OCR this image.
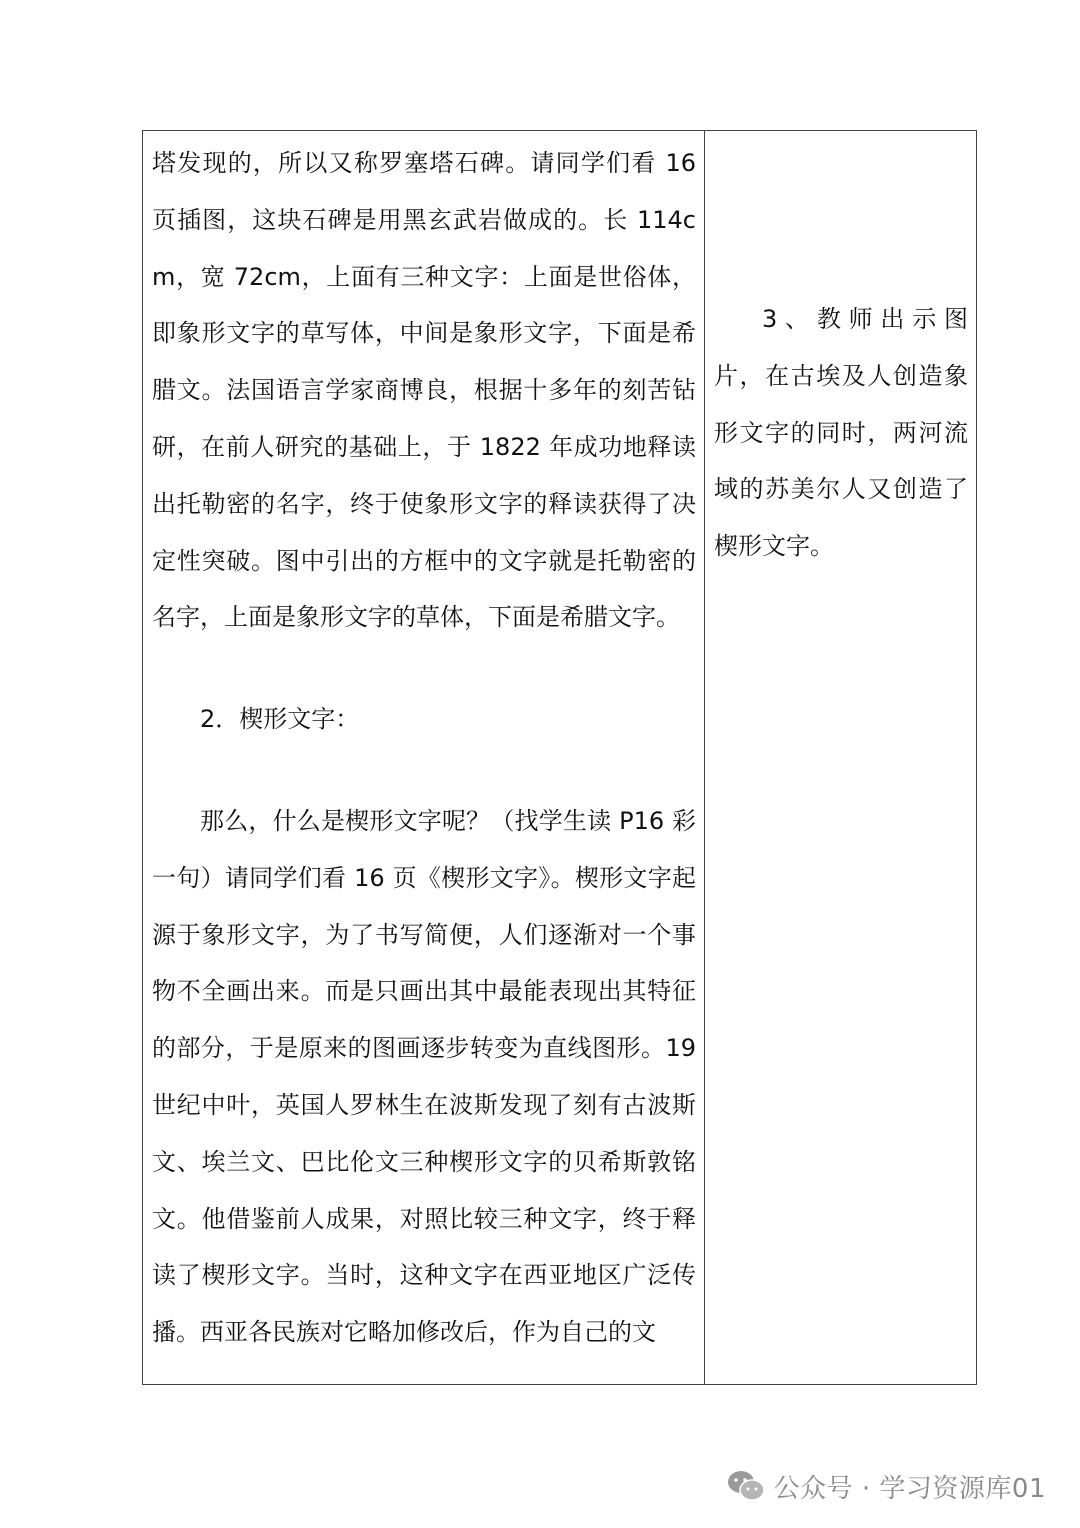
塔发现的，所以又称罗塞塔石碑。请同学们看 16 页插图，这块石碑是用黑玄武岩做成的。长 114cm，宽 72cm，上面有三种文字：上面是世俗体，即象形文字的草写体，中间是象形文字，下面是希腊文。法国语言学家商博良，根据十多年的刻苦钻研，在前人研究的基础上，于 1822 年成功地释读出托勒密的名字，终于使象形文字的释读获得了决定性突破。图中引出的方框中的文字就是托勒密的名字，上面是象形文字的草体，下面是希腊文字。

2．楔形文字：

那么，什么是楔形文字呢？（找学生读 P16 彩一句）请同学们看 16 页《楔形文字》。楔形文字起源于象形文字，为了书写简便，人们逐渐对一个事物不全画出来。而是只画出其中最能表现出其特征的部分，于是原来的图画逐步转变为直线图形。19 世纪中叶，英国人罗林生在波斯发现了刻有古波斯文、埃兰文、巴比伦文三种楔形文字的贝希斯敦铭文。他借鉴前人成果，对照比较三种文字，终于释读了楔形文字。当时，这种文字在西亚地区广泛传播。西亚各民族对它略加修改后，作为自己的文

3、教师出示图片，在古埃及人创造象形文字的同时，两河流域的苏美尔人又创造了楔形文字。

公众号 · 学习资源库01
